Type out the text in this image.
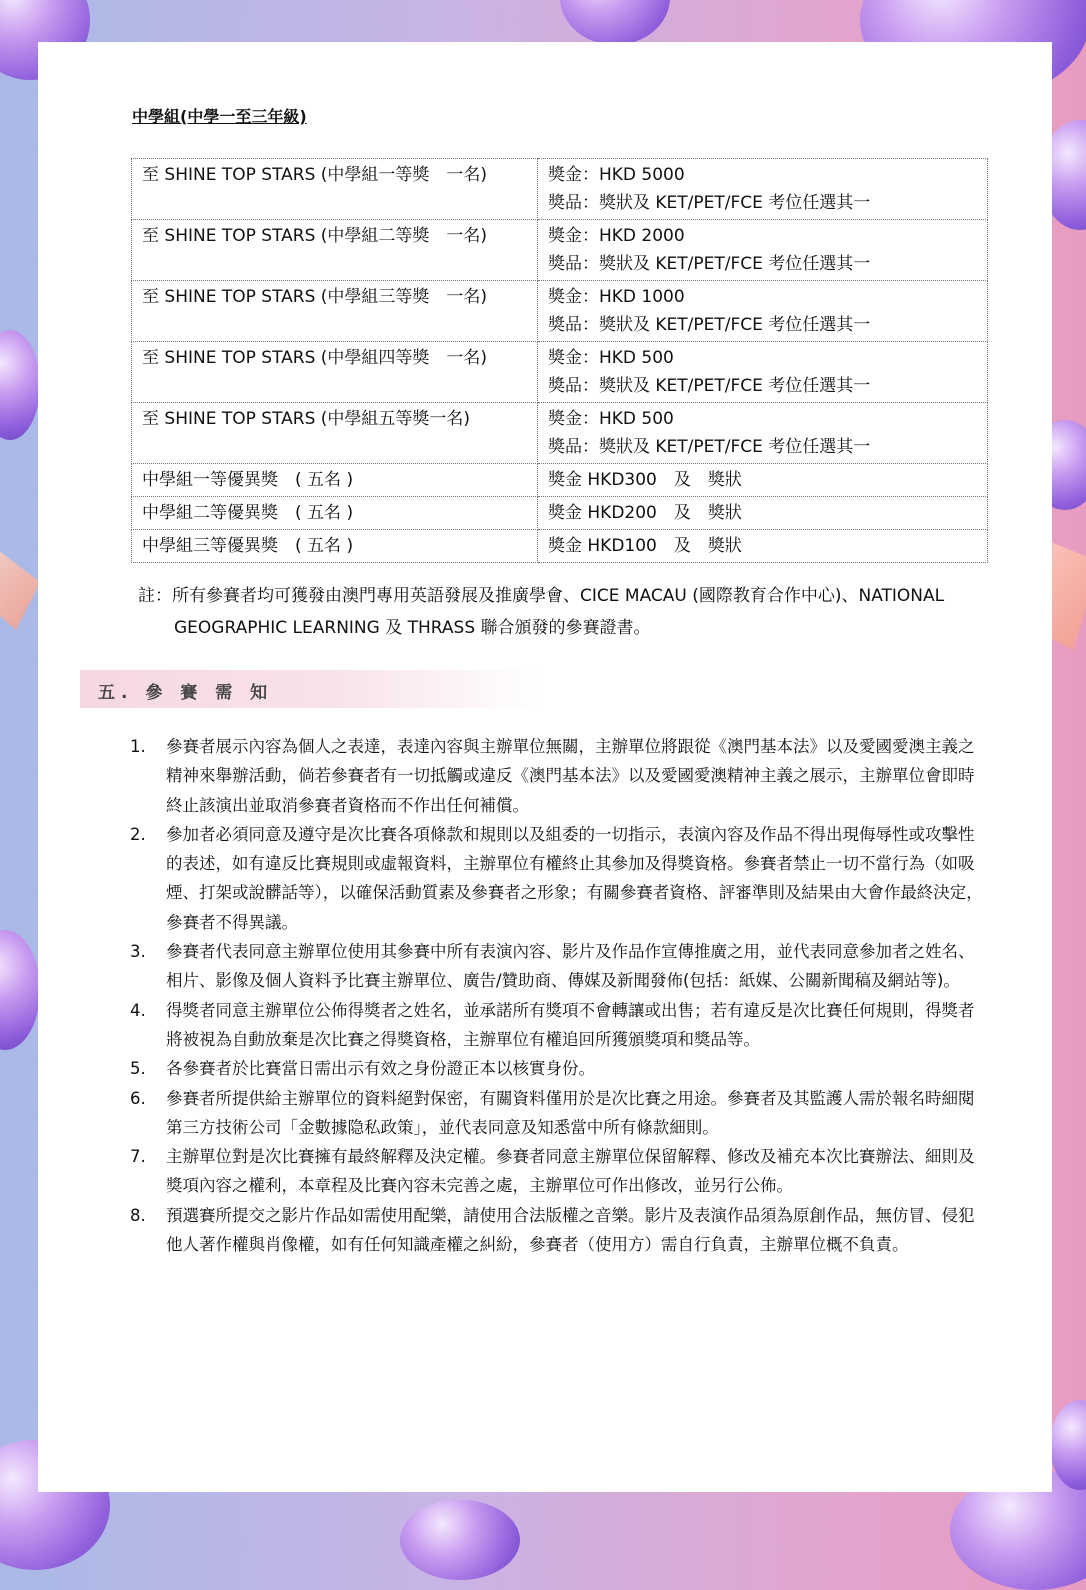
中學組(中學一至三年級)
至 SHINE TOP STARS (中學組一等獎　一名)	獎金：HKD 5000
獎品：獎狀及 KET/PET/FCE 考位任選其一

至 SHINE TOP STARS (中學組二等獎　一名)	獎金：HKD 2000
獎品：獎狀及 KET/PET/FCE 考位任選其一

至 SHINE TOP STARS (中學組三等獎　一名)	獎金：HKD 1000
獎品：獎狀及 KET/PET/FCE 考位任選其一

至 SHINE TOP STARS (中學組四等獎　一名)	獎金：HKD 500
獎品：獎狀及 KET/PET/FCE 考位任選其一

至 SHINE TOP STARS (中學組五等獎一名)	獎金：HKD 500
獎品：獎狀及 KET/PET/FCE 考位任選其一

中學組一等優異獎　( 五名 )	獎金 HKD300　及　獎狀

中學組二等優異獎　( 五名 )	獎金 HKD200　及　獎狀

中學組三等優異獎　( 五名 )	獎金 HKD100　及　獎狀
註：所有參賽者均可獲發由澳門專用英語發展及推廣學會、CICE MACAU (國際教育合作中心)、NATIONAL
GEOGRAPHIC LEARNING 及 THRASS 聯合頒發的參賽證書。
五. 參 賽 需 知
1. 參賽者展示內容為個人之表達，表達內容與主辦單位無關，主辦單位將跟從《澳門基本法》以及愛國愛澳主義之精神來舉辦活動，倘若參賽者有一切抵觸或違反《澳門基本法》以及愛國愛澳精神主義之展示，主辦單位會即時終止該演出並取消參賽者資格而不作出任何補償。
2. 參加者必須同意及遵守是次比賽各項條款和規則以及組委的一切指示，表演內容及作品不得出現侮辱性或攻擊性的表述，如有違反比賽規則或虛報資料，主辦單位有權終止其參加及得獎資格。參賽者禁止一切不當行為（如吸煙、打架或說髒話等），以確保活動質素及參賽者之形象；有關參賽者資格、評審準則及結果由大會作最終決定，參賽者不得異議。
3. 參賽者代表同意主辦單位使用其參賽中所有表演內容、影片及作品作宣傳推廣之用，並代表同意參加者之姓名、相片、影像及個人資料予比賽主辦單位、廣告/贊助商、傳媒及新聞發佈(包括：紙媒、公關新聞稿及網站等)。
4. 得獎者同意主辦單位公佈得獎者之姓名，並承諾所有獎項不會轉讓或出售；若有違反是次比賽任何規則，得獎者將被視為自動放棄是次比賽之得獎資格，主辦單位有權追回所獲頒獎項和獎品等。
5. 各參賽者於比賽當日需出示有效之身份證正本以核實身份。
6. 參賽者所提供給主辦單位的資料絕對保密，有關資料僅用於是次比賽之用途。參賽者及其監護人需於報名時細閱第三方技術公司「金數據隐私政策」，並代表同意及知悉當中所有條款細則。
7. 主辦單位對是次比賽擁有最終解釋及決定權。參賽者同意主辦單位保留解釋、修改及補充本次比賽辦法、細則及獎項內容之權利，本章程及比賽內容未完善之處，主辦單位可作出修改，並另行公佈。
8. 預選賽所提交之影片作品如需使用配樂，請使用合法版權之音樂。影片及表演作品須為原創作品，無仿冒、侵犯他人著作權與肖像權，如有任何知識產權之糾紛，參賽者（使用方）需自行負責，主辦單位概不負責。
